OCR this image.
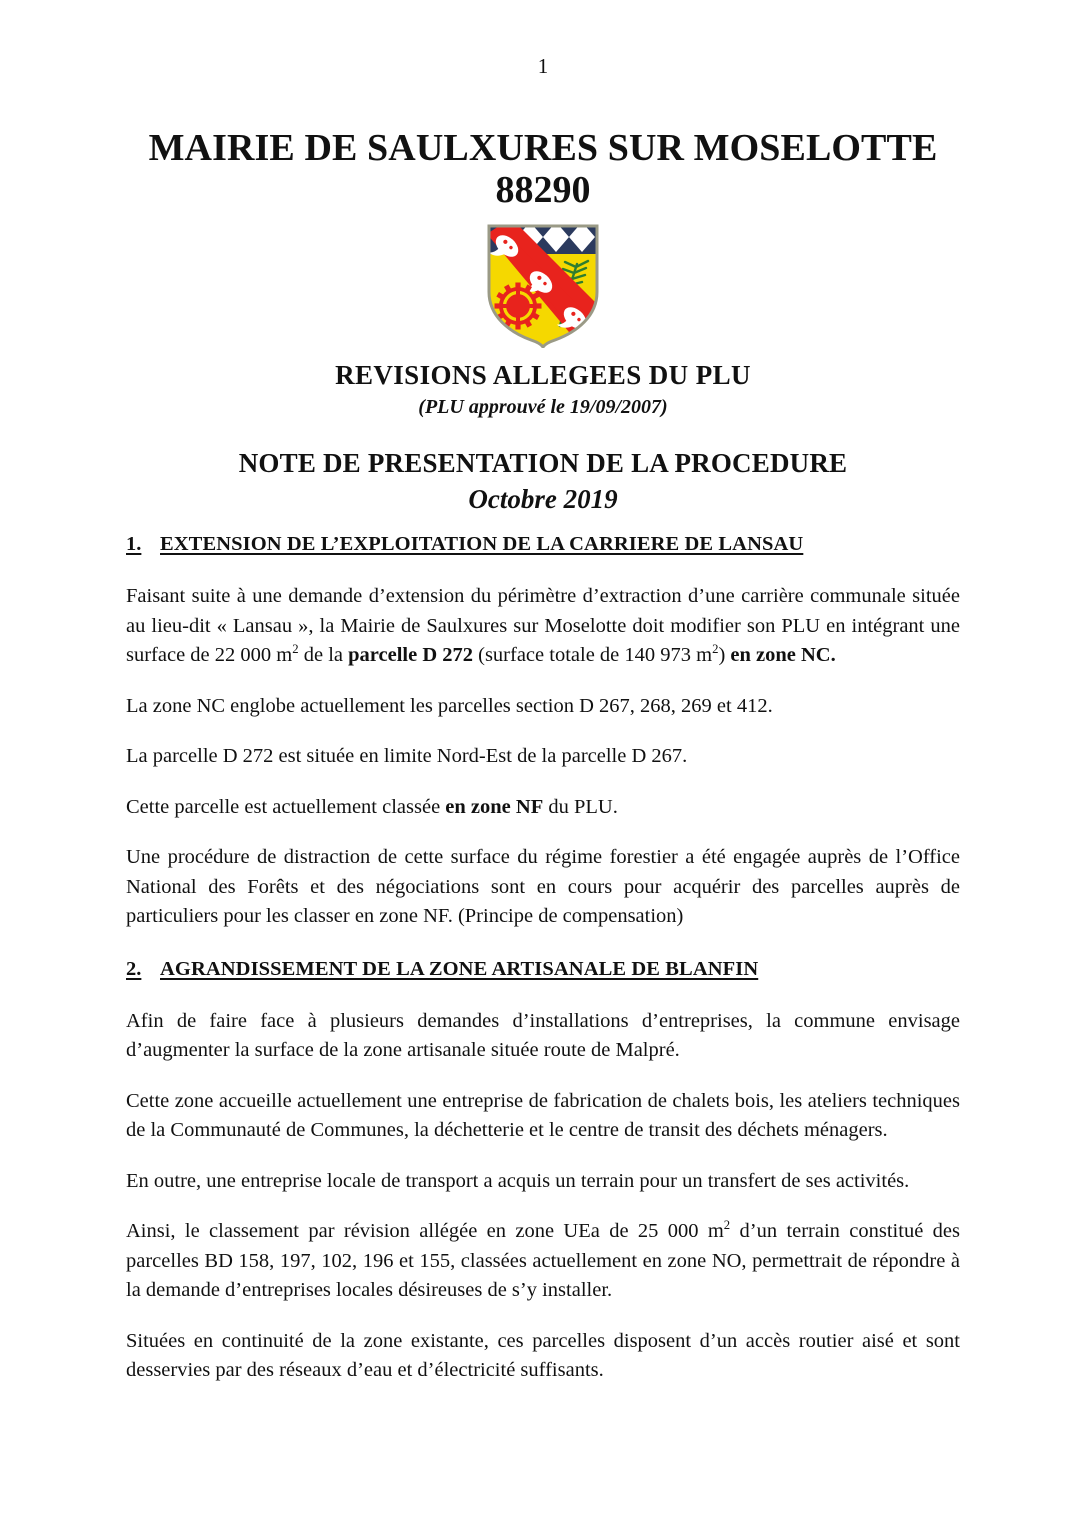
1
MAIRIE DE SAULXURES SUR MOSELOTTE
88290
REVISIONS ALLEGEES DU PLU
(PLU approuvé le 19/09/2007)
NOTE DE PRESENTATION DE LA PROCEDURE
Octobre 2019
1. EXTENSION DE L’EXPLOITATION DE LA CARRIERE DE LANSAU

Faisant suite à une demande d’extension du périmètre d’extraction d’une carrière communale située au lieu-dit « Lansau », la Mairie de Saulxures sur Moselotte doit modifier son PLU en intégrant une surface de 22 000 $m^2$ de la parcelle D 272 (surface totale de 140 973 $m^2$) en zone NC.

La zone NC englobe actuellement les parcelles section D 267, 268, 269 et 412.

La parcelle D 272 est située en limite Nord-Est de la parcelle D 267.

Cette parcelle est actuellement classée en zone NF du PLU.

Une procédure de distraction de cette surface du régime forestier a été engagée auprès de l’Office National des Forêts et des négociations sont en cours pour acquérir des parcelles auprès de particuliers pour les classer en zone NF. (Principe de compensation)

2. AGRANDISSEMENT DE LA ZONE ARTISANALE DE BLANFIN

Afin de faire face à plusieurs demandes d’installations d’entreprises, la commune envisage d’augmenter la surface de la zone artisanale située route de Malpré.

Cette zone accueille actuellement une entreprise de fabrication de chalets bois, les ateliers techniques de la Communauté de Communes, la déchetterie et le centre de transit des déchets ménagers.

En outre, une entreprise locale de transport a acquis un terrain pour un transfert de ses activités.

Ainsi, le classement par révision allégée en zone UEa de 25 000 $m^2$ d’un terrain constitué des parcelles BD 158, 197, 102, 196 et 155, classées actuellement en zone NO, permettrait de répondre à la demande d’entreprises locales désireuses de s’y installer.

Situées en continuité de la zone existante, ces parcelles disposent d’un accès routier aisé et sont desservies par des réseaux d’eau et d’électricité suffisants.
